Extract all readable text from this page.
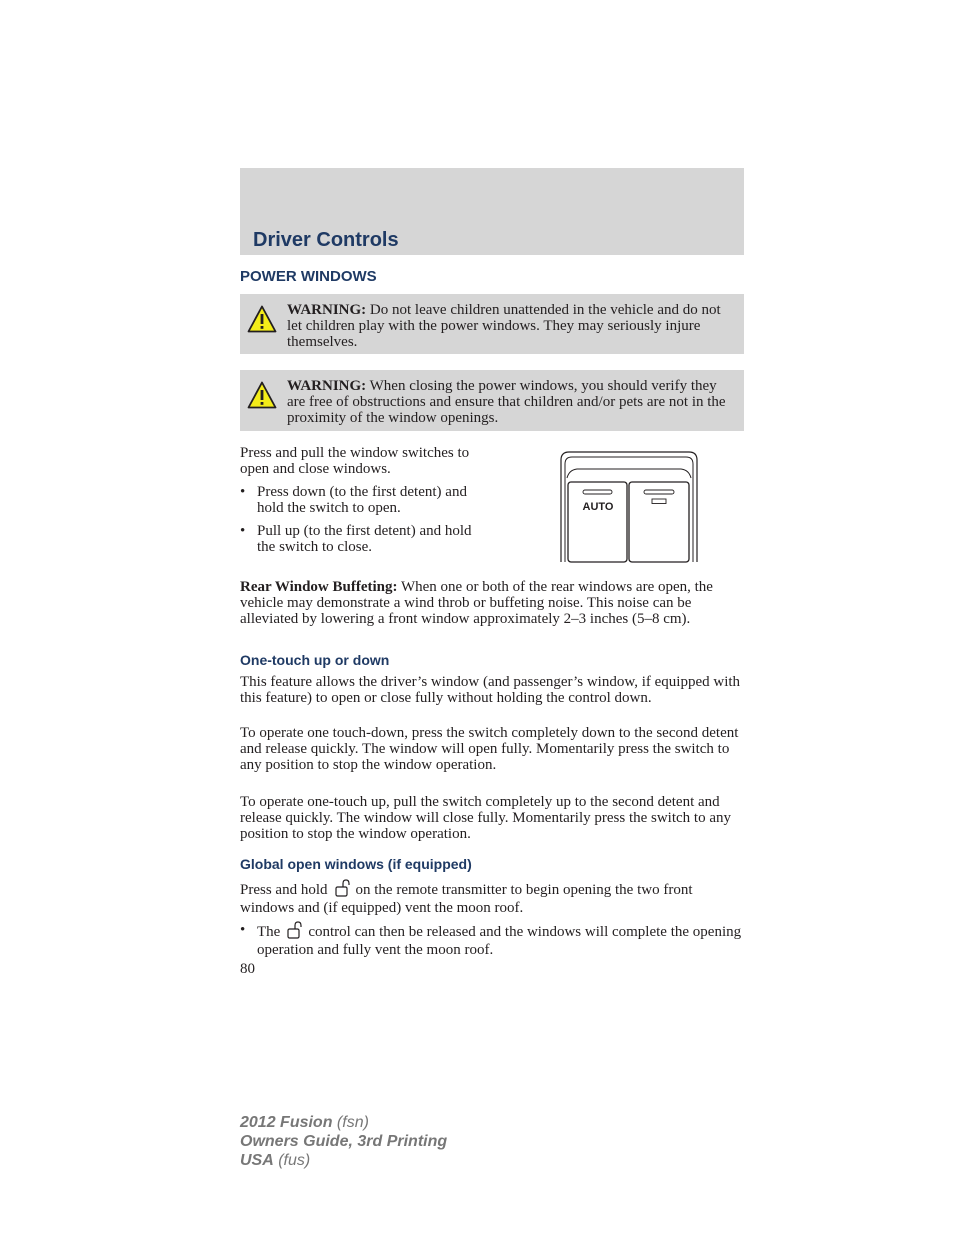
Driver Controls
POWER WINDOWS
WARNING: Do not leave children unattended in the vehicle and do not let children play with the power windows. They may seriously injure themselves.
WARNING: When closing the power windows, you should verify they are free of obstructions and ensure that children and/or pets are not in the proximity of the window openings.

Press and pull the window switches to open and close windows.

• Press down (to the first detent) and hold the switch to open.
• Pull up (to the first detent) and hold the switch to close.
AUTO

Rear Window Buffeting: When one or both of the rear windows are open, the vehicle may demonstrate a wind throb or buffeting noise. This noise can be alleviated by lowering a front window approximately 2–3 inches (5–8 cm).

One-touch up or down

This feature allows the driver’s window (and passenger’s window, if equipped with this feature) to open or close fully without holding the control down.

To operate one touch-down, press the switch completely down to the second detent and release quickly. The window will open fully. Momentarily press the switch to any position to stop the window operation.

To operate one-touch up, pull the switch completely up to the second detent and release quickly. The window will close fully. Momentarily press the switch to any position to stop the window operation.

Global open windows (if equipped)

Press and hold on the remote transmitter to begin opening the two front windows and (if equipped) vent the moon roof.

• The control can then be released and the windows will complete the opening operation and fully vent the moon roof.
80
2012 Fusion (fsn)
Owners Guide, 3rd Printing
USA (fus)
